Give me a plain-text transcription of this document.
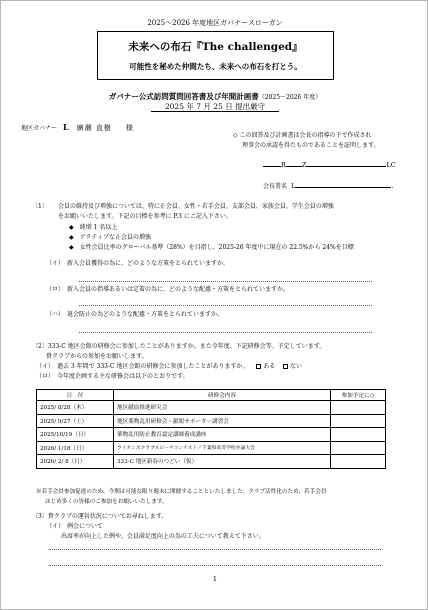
2025〜2026 年度地区ガバナースローガン
未来への布石『The challenged』
可能性を秘めた仲間たち、未来への布石を打とう。
ガバナー公式訪問質問回答書及び年間計画書（2025〜2026 年度）
2025 年 7 月 25 日 提出厳守
地区ガバナー L 廣瀬 直樹 様
◇ この回答及び計画書は会長の指導の下で作成され
理事会の承認を得たものであることを証明します。
R Z	LC
会長署名 L	.
〔1〕 会員の維持及び増強については、特に正会員、女性・若手会員、支部会員、家族会員、学生会員の増強
をお願いいたします。下記の目標を参考に P.3 にご記入下さい。
◆　純増 1 名以上
◆　アクティブな正会員の増強
◆　女性会員比率のグローバル基準（28%）を目指し、2025-26 年度中に現在の 22.5%から 24%を目標
（イ）　新入会員獲得の為に、どのような方策をとられていますか。
（ロ）　新入会員の指導あるいは定着の為に、どのような配慮・方策をとられていますか。
（ハ）　退会防止の為どのような配慮・方策をとられていますか。
〔2〕333-C 地区会館の研修会に参加したことがありますか。また今年度、下記研修会等、予定しています。
貴クラブからの参加をお願いします。
（イ）　過去 3 年間で 333-C 地区会館の研修会に参加したことがありますか。 ある ない
（ロ）　今年度企画する主な研修会は以下のとおりです。
日　付	研修会内容	参加予定に○
2025/ 8/28（木）	地区献血推進研究会	
2025/ 9/27（土）	地区薬物乱用研修会・献眼サポーター講習会	
2025/10/19（日）	薬物乱用防止教育認定講師養成講座	
2026/ 1/18（日）	ライオンズクラブスピーチコンテスト／千葉県高等学校弁論大会	
2026/ 2/ 8（日）	333-C 地区新春のつどい（仮）	
※若手会員参加促進のため、今期は可能な限り週末に開催することといたしました。クラブ活性化のため、若手会員
はじめ多くの皆様のご参加をお願いいたします。
〔3〕貴クラブの運営状況についてお尋ねします。
（イ）　例会について
出席率が向上した例や、会員満足度向上の為の工夫について教えて下さい。
1
